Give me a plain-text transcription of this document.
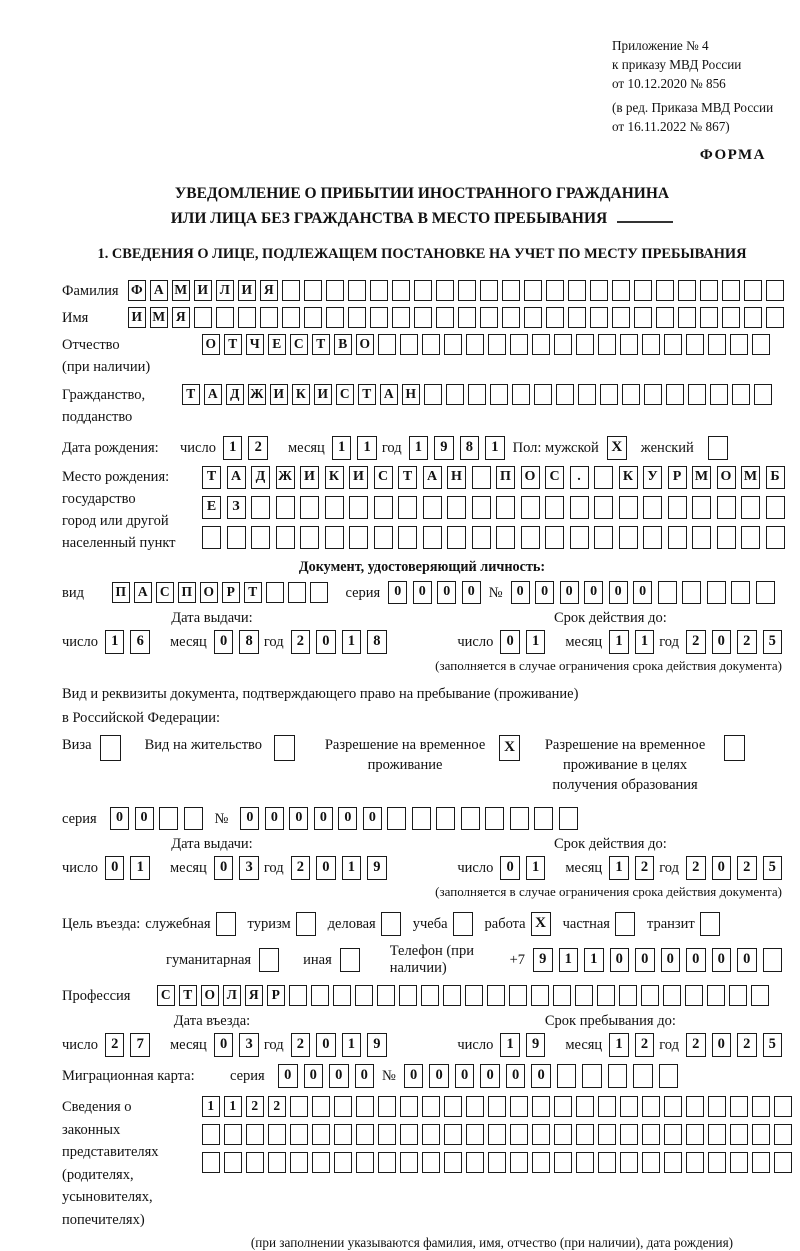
Приложение № 4
к приказу МВД России
от 10.12.2020 № 856
(в ред. Приказа МВД России
от 16.11.2022 № 867)
ФОРМА
УВЕДОМЛЕНИЕ О ПРИБЫТИИ ИНОСТРАННОГО ГРАЖДАНИНА
ИЛИ ЛИЦА БЕЗ ГРАЖДАНСТВА В МЕСТО ПРЕБЫВАНИЯ
1. СВЕДЕНИЯ О ЛИЦЕ, ПОДЛЕЖАЩЕМ ПОСТАНОВКЕ НА УЧЕТ ПО МЕСТУ ПРЕБЫВАНИЯ
Фамилия Ф А М И Л И Я
Имя	И М Я
Отчество
(при наличии)
О Т Ч Е С Т В О
Гражданство,
подданство
Т А Д Ж И К И С Т А Н
Дата рождения:	число 1	2	месяц 1	1 год 1	9	8	1 Пол: мужской X	женский
Место рождения:
государство
город или другой
населенный пункт
Т	А	Д Ж И К И	С	Т	А Н	П О	С	.	К	У	Р М О М Б
Е	З
Документ, удостоверяющий личность:
вид	П А С П О Р Т	серия	0	0	0	0 №	0	0	0	0	0	0
Дата выдачи:
число 1	6	месяц 0	8 год 2	0	1	8
Срок действия до:
число 0	1	месяц 1	1 год 2	0	2	5
(заполняется в случае ограничения срока действия документа)
Вид и реквизиты документа, подтверждающего право на пребывание (проживание)
в Российской Федерации:
Виза	Вид на жительство	Разрешение на временное проживание
X	Разрешение на временное проживание в целях получения образования
серия	0	0	№	0	0	0	0	0	0
Дата выдачи:
число 0	1	месяц 0	3 год 2	0	1	9
Срок действия до:
число 0	1	месяц 1	2 год 2	0	2	5
(заполняется в случае ограничения срока действия документа)
Цель въезда: служебная	туризм	деловая	учеба	работа X	частная	транзит
гуманитарная	иная
Телефон (при наличии)
+7 9	1	1	0	0	0	0	0	0
Профессия	С Т О Л Я Р
Дата въезда:
число 2	7	месяц 0	3 год 2	0	1	9
Срок пребывания до:
число 1	9	месяц 1	2 год 2	0	2	5
Миграционная карта:	серия	0	0	0	0 № 0	0	0	0	0	0
Сведения о
законных
представителях
(родителях,
усыновителях,
попечителях)
1	1	2	2
(при заполнении указываются фамилия, имя, отчество (при наличии), дата рождения)
